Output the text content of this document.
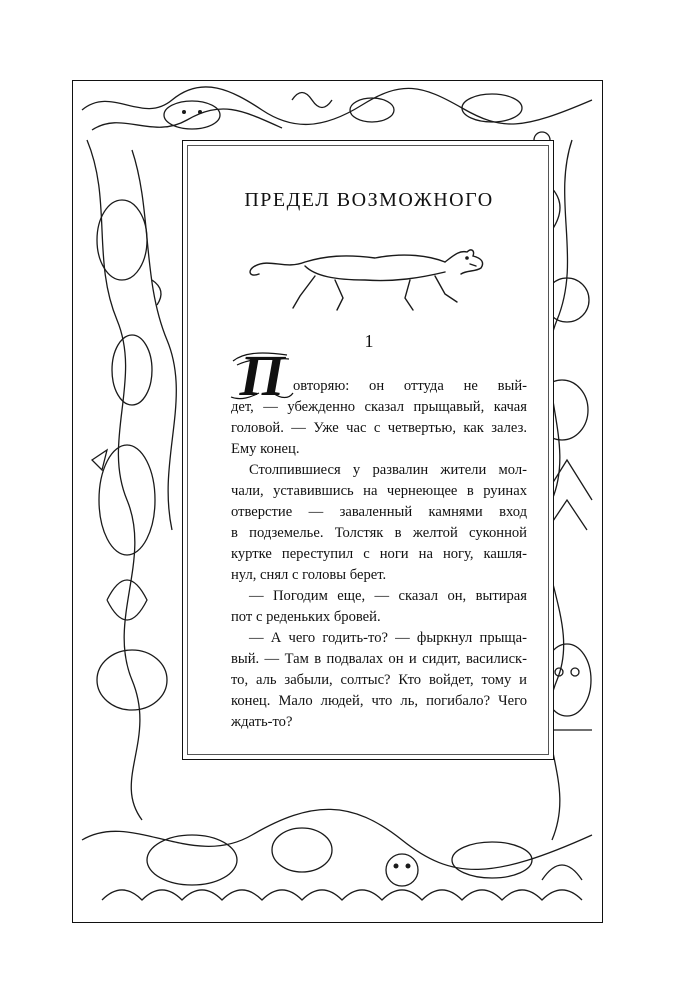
ПРЕДЕЛ ВОЗМОЖНОГО
1
П
овторяю: он оттуда не вый-
дет, — убежденно сказал прыщавый, качая
головой. — Уже час с четвертью, как залез.
Ему конец.
Столпившиеся у развалин жители мол-
чали, уставившись на чернеющее в руинах
отверстие — заваленный камнями вход
в подземелье. Толстяк в желтой суконной
куртке переступил с ноги на ногу, кашля-
нул, снял с головы берет.
— Погодим еще, — сказал он, вытирая
пот с реденьких бровей.
— А чего годить-то? — фыркнул прыща-
вый. — Там в подвалах он и сидит, василиск-
то, аль забыли, солтыс? Кто войдет, тому и
конец. Мало людей, что ль, погибало? Чего
ждать-то?
